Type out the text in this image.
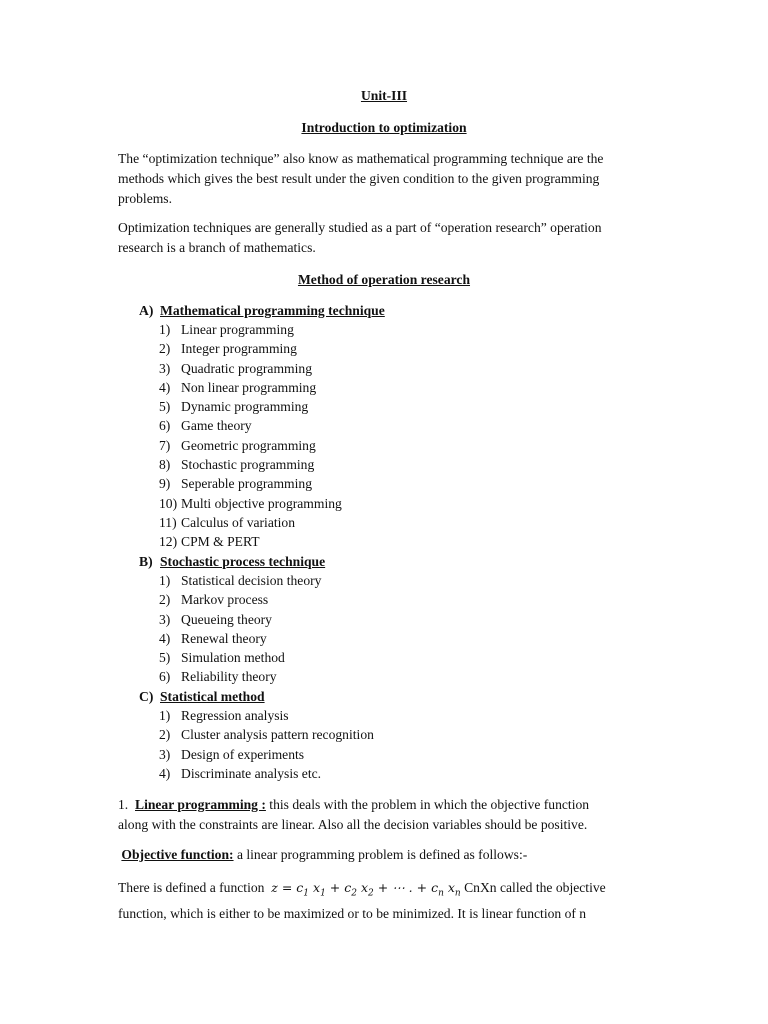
Unit-III
Introduction to optimization
The “optimization technique” also know as mathematical programming technique are the
methods which gives the best result under the given condition to the given programming
problems.
Optimization techniques are generally studied as a part of “operation research” operation
research is a branch of mathematics.
Method of operation research
A) Mathematical programming technique
1) Linear programming
2) Integer programming
3) Quadratic programming
4) Non linear programming
5) Dynamic programming
6) Game theory
7) Geometric programming
8) Stochastic programming
9) Seperable programming
10) Multi objective programming
11) Calculus of variation
12) CPM & PERT
B) Stochastic process technique
1) Statistical decision theory
2) Markov process
3) Queueing theory
4) Renewal theory
5) Simulation method
6) Reliability theory
C) Statistical method
1) Regression analysis
2) Cluster analysis pattern recognition
3) Design of experiments
4) Discriminate analysis etc.
1. Linear programming : this deals with the problem in which the objective function
along with the constraints are linear. Also all the decision variables should be positive.
Objective function: a linear programming problem is defined as follows:-
There is defined a function  $z = c_1$ $x_1 + c_2$ $x_2$ + ⋯ . + $c_n$ $x_n$ CnXn called the objective
function, which is either to be maximized or to be minimized. It is linear function of n
